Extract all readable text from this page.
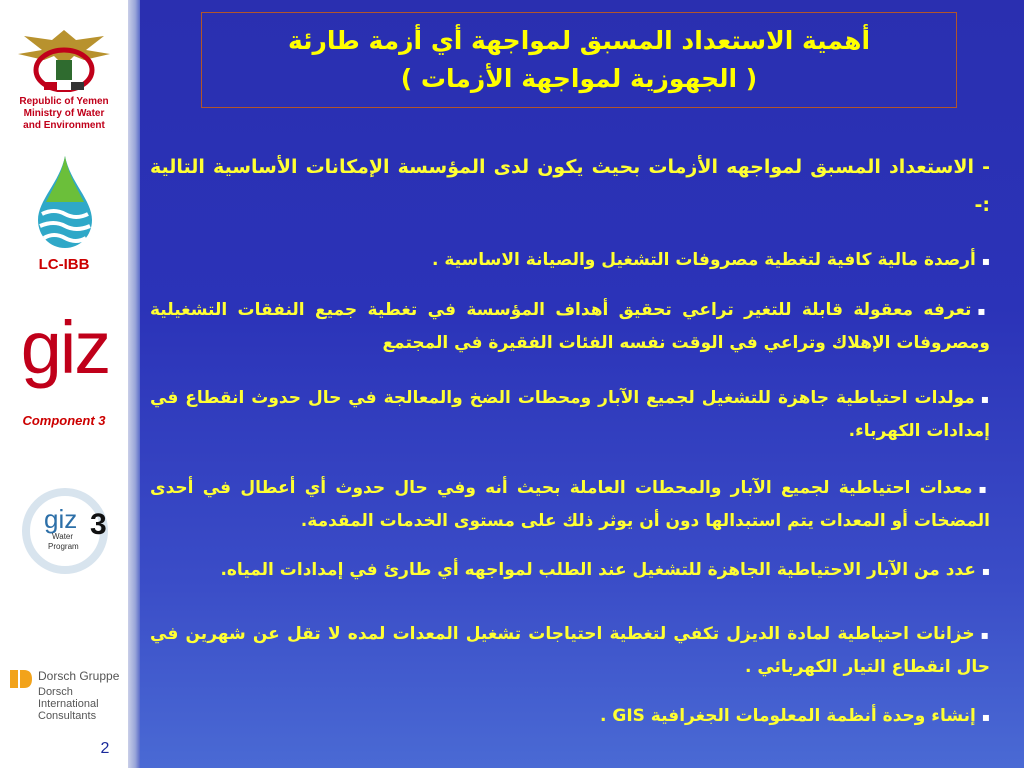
Republic of Yemen
Ministry of Water
and Environment
LC-IBB
giz
Component 3
giz
Water
Program
3
Dorsch Gruppe
Dorsch
International
Consultants
2
أهمية الاستعداد المسبق لمواجهة أي أزمة طارئة
( الجهوزية لمواجهة الأزمات )
- الاستعداد المسبق لمواجهه الأزمات بحيث يكون لدى المؤسسة الإمكانات الأساسية التالية :-
▪أرصدة مالية كافية لتغطية مصروفات التشغيل والصيانة الاساسية .
▪تعرفه معقولة قابلة للتغير تراعي تحقيق أهداف المؤسسة في تغطية جميع النفقات التشغيلية ومصروفات الإهلاك وتراعي في الوقت نفسه الفئات الفقيرة في المجتمع
▪مولدات احتياطية جاهزة للتشغيل لجميع الآبار ومحطات الضخ والمعالجة في حال حدوث انقطاع في إمدادات الكهرباء.
▪معدات احتياطية لجميع الآبار والمحطات العاملة بحيث أنه وفي حال حدوث أي أعطال في أحدى المضخات أو المعدات يتم استبدالها دون أن يوثر ذلك على مستوى الخدمات المقدمة.
▪عدد من الآبار الاحتياطية الجاهزة للتشغيل عند الطلب لمواجهه أي طارئ في إمدادات المياه.
▪خزانات احتياطية لمادة الديزل تكفي لتغطية احتياجات تشغيل المعدات لمده لا تقل عن شهرين في حال انقطاع التيار الكهربائي .
▪إنشاء وحدة أنظمة المعلومات الجغرافية GIS .
